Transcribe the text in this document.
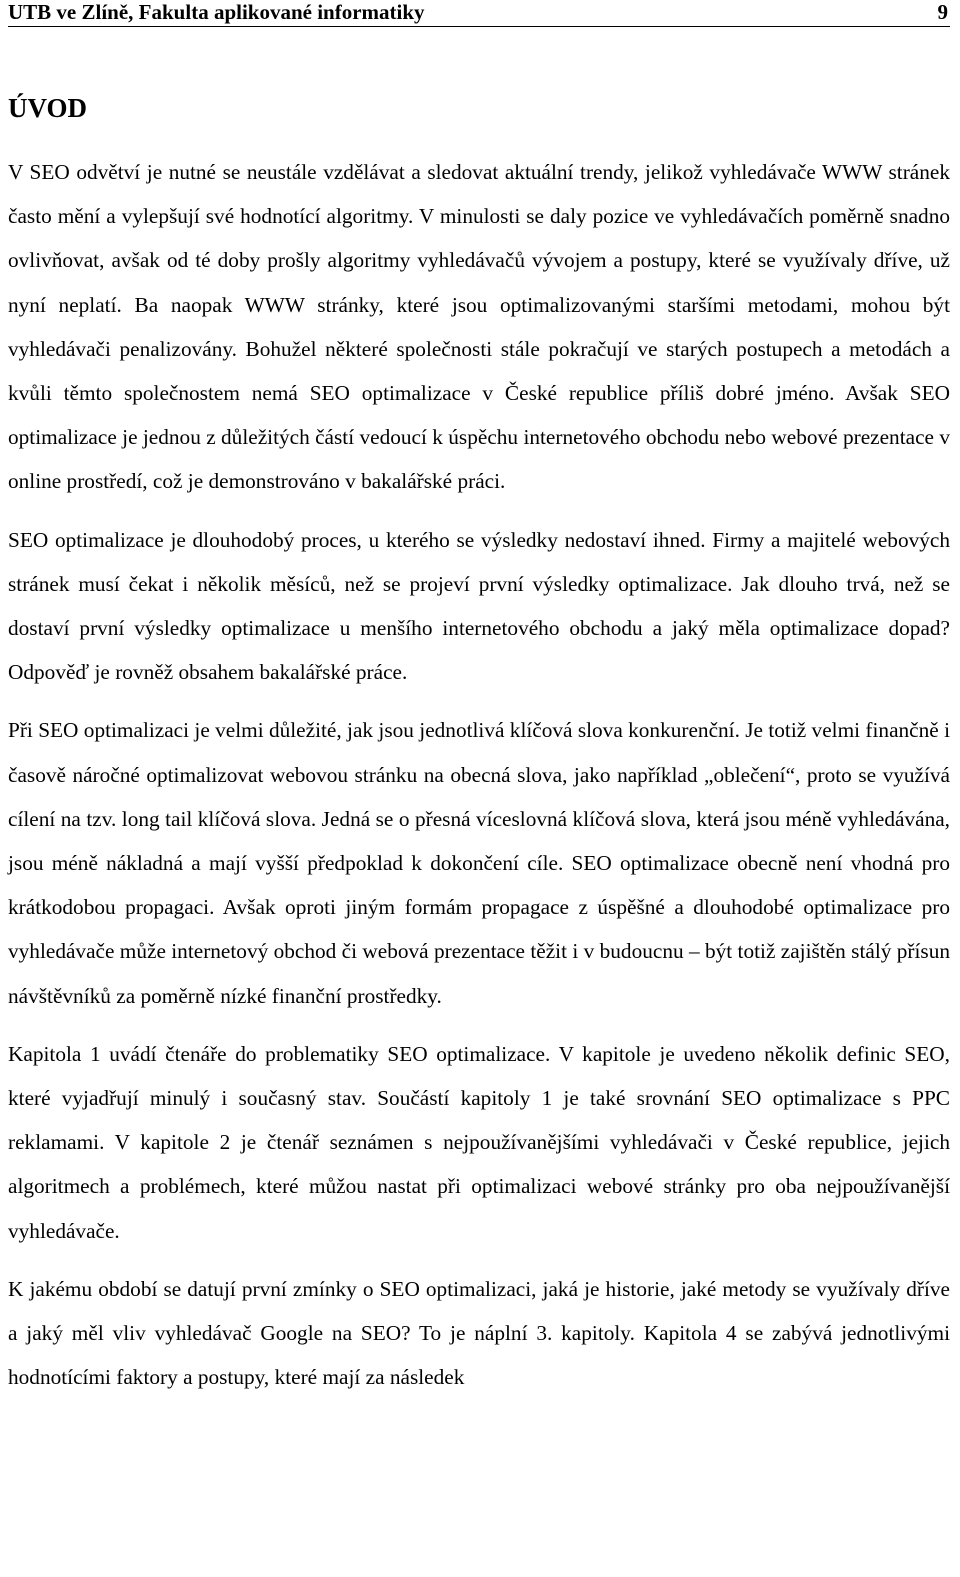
UTB ve Zlíně, Fakulta aplikované informatiky	9
ÚVOD

V SEO odvětví je nutné se neustále vzdělávat a sledovat aktuální trendy, jelikož vyhledávače WWW stránek často mění a vylepšují své hodnotící algoritmy. V minulosti se daly pozice ve vyhledávačích poměrně snadno ovlivňovat, avšak od té doby prošly algoritmy vyhledávačů vývojem a postupy, které se využívaly dříve, už nyní neplatí. Ba naopak WWW stránky, které jsou optimalizovanými staršími metodami, mohou být vyhledávači penalizovány. Bohužel některé společnosti stále pokračují ve starých postupech a metodách a kvůli těmto společnostem nemá SEO optimalizace v České republice příliš dobré jméno. Avšak SEO optimalizace je jednou z důležitých částí vedoucí k úspěchu internetového obchodu nebo webové prezentace v online prostředí, což je demonstrováno v bakalářské práci.

SEO optimalizace je dlouhodobý proces, u kterého se výsledky nedostaví ihned. Firmy a majitelé webových stránek musí čekat i několik měsíců, než se projeví první výsledky optimalizace. Jak dlouho trvá, než se dostaví první výsledky optimalizace u menšího internetového obchodu a jaký měla optimalizace dopad? Odpověď je rovněž obsahem bakalářské práce.

Při SEO optimalizaci je velmi důležité, jak jsou jednotlivá klíčová slova konkurenční. Je totiž velmi finančně i časově náročné optimalizovat webovou stránku na obecná slova, jako například „oblečení“, proto se využívá cílení na tzv. long tail klíčová slova. Jedná se o přesná víceslovná klíčová slova, která jsou méně vyhledávána, jsou méně nákladná a mají vyšší předpoklad k dokončení cíle. SEO optimalizace obecně není vhodná pro krátkodobou propagaci. Avšak oproti jiným formám propagace z úspěšné a dlouhodobé optimalizace pro vyhledávače může internetový obchod či webová prezentace těžit i v budoucnu – být totiž zajištěn stálý přísun návštěvníků za poměrně nízké finanční prostředky.

Kapitola 1 uvádí čtenáře do problematiky SEO optimalizace. V kapitole je uvedeno několik definic SEO, které vyjadřují minulý i současný stav. Součástí kapitoly 1 je také srovnání SEO optimalizace s PPC reklamami. V kapitole 2 je čtenář seznámen s nejpoužívanějšími vyhledávači v České republice, jejich algoritmech a problémech, které můžou nastat při optimalizaci webové stránky pro oba nejpoužívanější vyhledávače.

K jakému období se datují první zmínky o SEO optimalizaci, jaká je historie, jaké metody se využívaly dříve a jaký měl vliv vyhledávač Google na SEO? To je náplní 3. kapitoly. Kapitola 4 se zabývá jednotlivými hodnotícími faktory a postupy, které mají za následek
